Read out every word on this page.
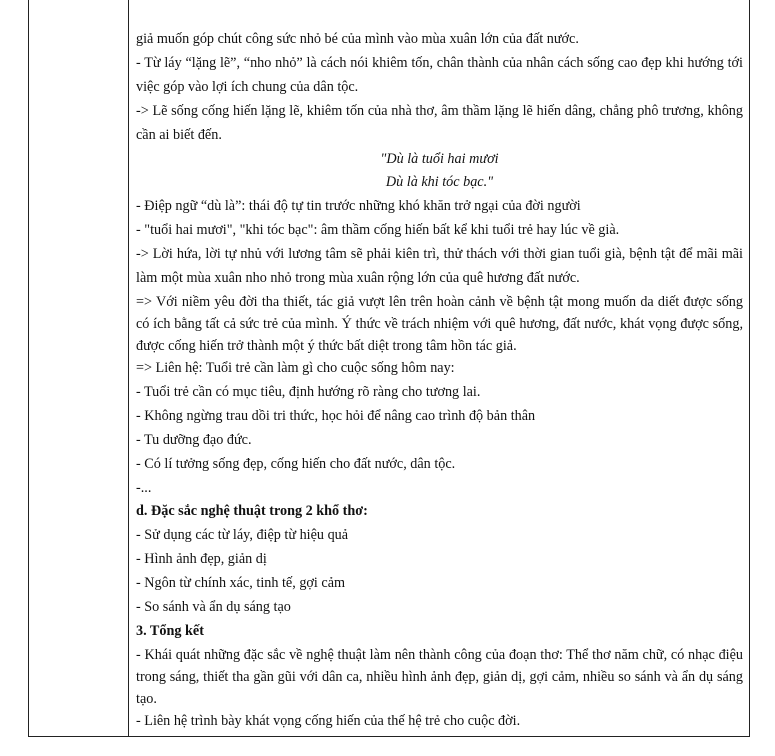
giả muốn góp chút công sức nhỏ bé của mình vào mùa xuân lớn của đất nước.

- Từ láy “lặng lẽ”, “nho nhỏ” là cách nói khiêm tốn, chân thành của nhân cách sống cao đẹp khi hướng tới việc góp vào lợi ích chung của dân tộc.

-> Lẽ sống cống hiến lặng lẽ, khiêm tốn của nhà thơ, âm thầm lặng lẽ hiến dâng, chẳng phô trương, không cần ai biết đến.

"Dù là tuổi hai mươi

Dù là khi tóc bạc."

- Điệp ngữ “dù là”: thái độ tự tin trước những khó khăn trở ngại của đời người

- "tuổi hai mươi", "khi tóc bạc": âm thầm cống hiến bất kể khi tuổi trẻ hay lúc về già.

-> Lời hứa, lời tự nhủ với lương tâm sẽ phải kiên trì, thử thách với thời gian tuổi già, bệnh tật để mãi mãi làm một mùa xuân nho nhỏ trong mùa xuân rộng lớn của quê hương đất nước.

=> Với niềm yêu đời tha thiết, tác giả vượt lên trên hoàn cảnh về bệnh tật mong muốn da diết được sống có ích bằng tất cả sức trẻ của mình. Ý thức về trách nhiệm với quê hương, đất nước, khát vọng được sống, được cống hiến trở thành một ý thức bất diệt trong tâm hồn tác giả.

=> Liên hệ: Tuổi trẻ cần làm gì cho cuộc sống hôm nay:

- Tuổi trẻ cần có mục tiêu, định hướng rõ ràng cho tương lai.

- Không ngừng trau dồi tri thức, học hỏi để nâng cao trình độ bản thân

- Tu dưỡng đạo đức.

- Có lí tưởng sống đẹp, cống hiến cho đất nước, dân tộc.

-...

d. Đặc sắc nghệ thuật trong 2 khổ thơ:

- Sử dụng các từ láy, điệp từ hiệu quả

- Hình ảnh đẹp, giản dị

- Ngôn từ chính xác, tinh tế, gợi cảm

- So sánh và ẩn dụ sáng tạo

3. Tổng kết

- Khái quát những đặc sắc về nghệ thuật làm nên thành công của đoạn thơ: Thể thơ năm chữ, có nhạc điệu trong sáng, thiết tha gần gũi với dân ca, nhiều hình ảnh đẹp, giản dị, gợi cảm, nhiều so sánh và ẩn dụ sáng tạo.

- Liên hệ trình bày khát vọng cống hiến của thế hệ trẻ cho cuộc đời.
